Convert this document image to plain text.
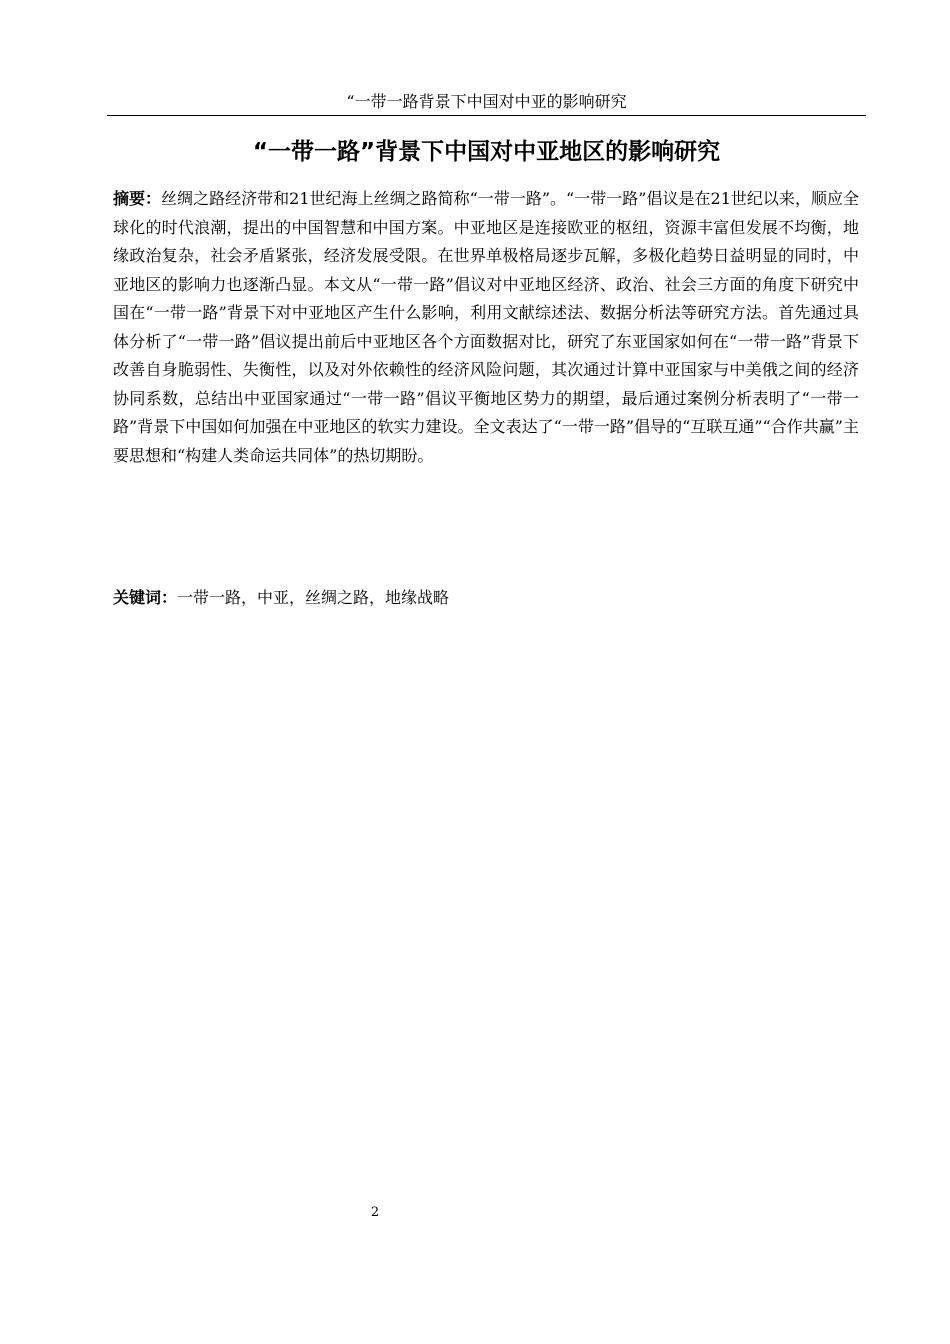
“一带一路背景下中国对中亚的影响研究
“一带一路”背景下中国对中亚地区的影响研究

摘要：丝绸之路经济带和21世纪海上丝绸之路简称“一带一路”。“一带一路”倡议是在21世纪以来，顺应全球化的时代浪潮，提出的中国智慧和中国方案。中亚地区是连接欧亚的枢纽，资源丰富但发展不均衡，地缘政治复杂，社会矛盾紧张，经济发展受限。在世界单极格局逐步瓦解，多极化趋势日益明显的同时，中亚地区的影响力也逐渐凸显。本文从“一带一路”倡议对中亚地区经济、政治、社会三方面的角度下研究中国在“一带一路”背景下对中亚地区产生什么影响，利用文献综述法、数据分析法等研究方法。首先通过具体分析了“一带一路”倡议提出前后中亚地区各个方面数据对比，研究了东亚国家如何在“一带一路”背景下改善自身脆弱性、失衡性，以及对外依赖性的经济风险问题，其次通过计算中亚国家与中美俄之间的经济协同系数，总结出中亚国家通过“一带一路”倡议平衡地区势力的期望，最后通过案例分析表明了“一带一路”背景下中国如何加强在中亚地区的软实力建设。全文表达了“一带一路”倡导的“互联互通”“合作共赢”主要思想和“构建人类命运共同体”的热切期盼。

关键词：一带一路，中亚，丝绸之路，地缘战略

2
